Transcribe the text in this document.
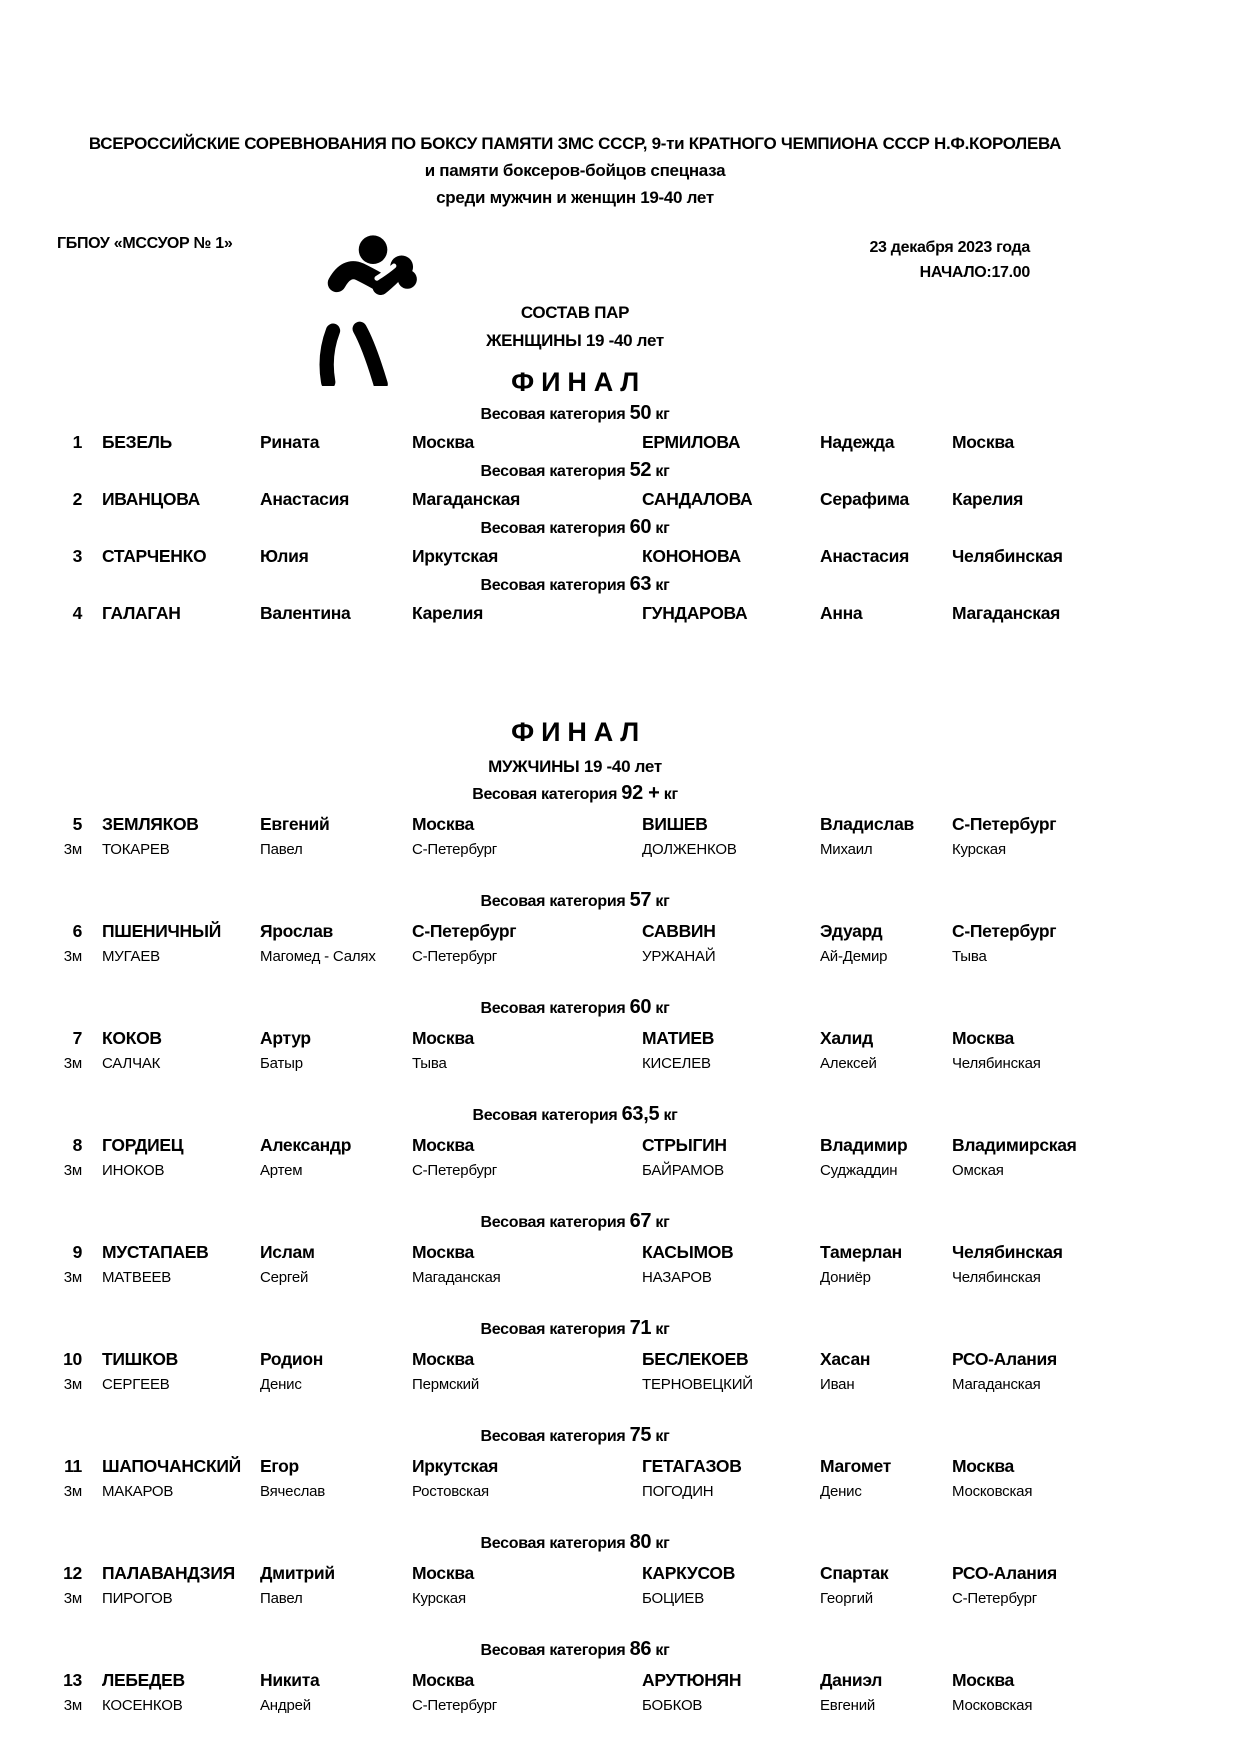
ВСЕРОССИЙСКИЕ СОРЕВНОВАНИЯ ПО БОКСУ ПАМЯТИ ЗМС СССР, 9-ти КРАТНОГО ЧЕМПИОНА СССР Н.Ф.КОРОЛЕВА
и памяти боксеров-бойцов спецназа
среди мужчин и женщин 19-40 лет
ГБПОУ «МССУОР № 1»	23 декабря 2023 года
НАЧАЛО:17.00
СОСТАВ ПАР
ЖЕНЩИНЫ 19 -40 лет
Ф И Н А Л
Весовая категория 50 кг
1	БЕЗЕЛЬ	Рината	Москва	ЕРМИЛОВА	Надежда	Москва
Весовая категория 52 кг
2	ИВАНЦОВА	Анастасия	Магаданская	САНДАЛОВА	Серафима	Карелия
Весовая категория 60 кг
3	СТАРЧЕНКО	Юлия	Иркутская	КОНОНОВА	Анастасия	Челябинская
Весовая категория 63 кг
4	ГАЛАГАН	Валентина	Карелия	ГУНДАРОВА	Анна	Магаданская
Ф И Н А Л
МУЖЧИНЫ 19 -40 лет
Весовая категория 92 + кг
5	ЗЕМЛЯКОВ	Евгений	Москва	ВИШЕВ	Владислав	С-Петербург
3м	ТОКАРЕВ	Павел	С-Петербург	ДОЛЖЕНКОВ	Михаил	Курская
Весовая категория 57 кг
6	ПШЕНИЧНЫЙ	Ярослав	С-Петербург	САВВИН	Эдуард	С-Петербург
3м	МУГАЕВ	Магомед - Салях	С-Петербург	УРЖАНАЙ	Ай-Демир	Тыва
Весовая категория 60 кг
7	КОКОВ	Артур	Москва	МАТИЕВ	Халид	Москва
3м	САЛЧАК	Батыр	Тыва	КИСЕЛЕВ	Алексей	Челябинская
Весовая категория 63,5 кг
8	ГОРДИЕЦ	Александр	Москва	СТРЫГИН	Владимир	Владимирская
3м	ИНОКОВ	Артем	С-Петербург	БАЙРАМОВ	Суджаддин	Омская
Весовая категория 67 кг
9	МУСТАПАЕВ	Ислам	Москва	КАСЫМОВ	Тамерлан	Челябинская
3м	МАТВЕЕВ	Сергей	Магаданская	НАЗАРОВ	Дониёр	Челябинская
Весовая категория 71 кг
10	ТИШКОВ	Родион	Москва	БЕСЛЕКОЕВ	Хасан	РСО-Алания
3м	СЕРГЕЕВ	Денис	Пермский	ТЕРНОВЕЦКИЙ	Иван	Магаданская
Весовая категория 75 кг
11	ШАПОЧАНСКИЙ	Егор	Иркутская	ГЕТАГАЗОВ	Магомет	Москва
3м	МАКАРОВ	Вячеслав	Ростовская	ПОГОДИН	Денис	Московская
Весовая категория 80 кг
12	ПАЛАВАНДЗИЯ	Дмитрий	Москва	КАРКУСОВ	Спартак	РСО-Алания
3м	ПИРОГОВ	Павел	Курская	БОЦИЕВ	Георгий	С-Петербург
Весовая категория 86 кг
13	ЛЕБЕДЕВ	Никита	Москва	АРУТЮНЯН	Даниэл	Москва
3м	КОСЕНКОВ	Андрей	С-Петербург	БОБКОВ	Евгений	Московская
